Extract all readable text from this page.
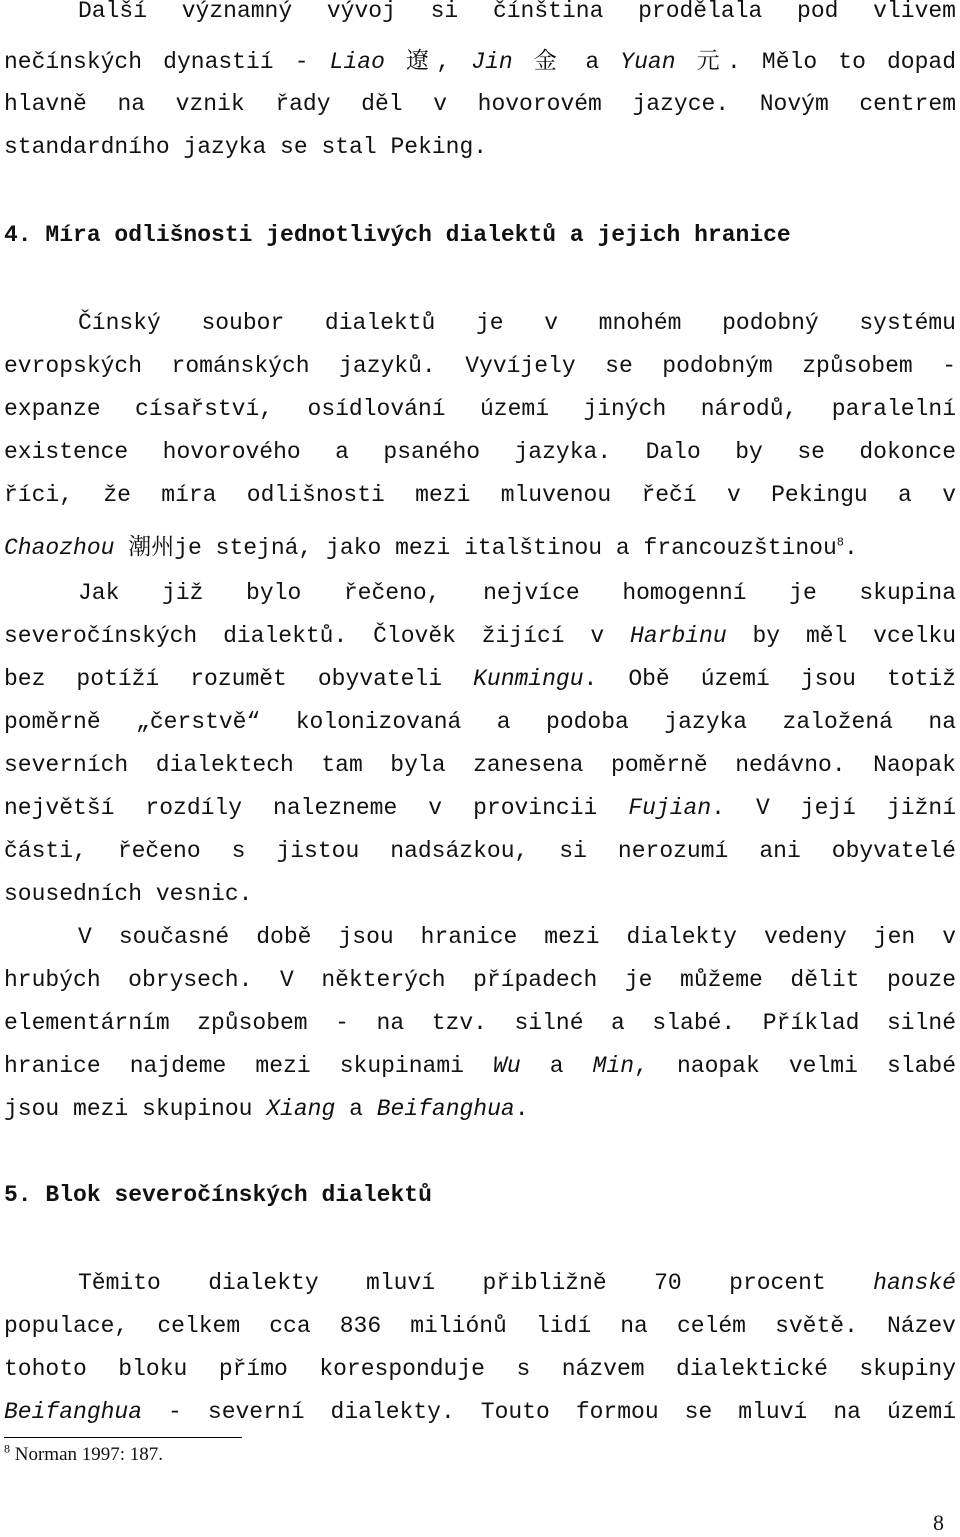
Další významný vývoj si čínština prodělala pod vlivem
nečínských dynastií - Liao 遼, Jin 金 a Yuan 元. Mělo to dopad
hlavně na vznik řady děl v hovorovém jazyce. Novým centrem
standardního jazyka se stal Peking.
4. Míra odlišnosti jednotlivých dialektů a jejich hranice
Čínský soubor dialektů je v mnohém podobný systému
evropských románských jazyků. Vyvíjely se podobným způsobem -
expanze císařství, osídlování území jiných národů, paralelní
existence hovorového a psaného jazyka. Dalo by se dokonce
říci, že míra odlišnosti mezi mluvenou řečí v Pekingu a v
Chaozhou 潮州je stejná, jako mezi italštinou a francouzštinou$^8$.
Jak již bylo řečeno, nejvíce homogenní je skupina
severočínských dialektů. Člověk žijící v Harbinu by měl vcelku
bez potíží rozumět obyvateli Kunmingu. Obě území jsou totiž
poměrně „čerstvě“ kolonizovaná a podoba jazyka založená na
severních dialektech tam byla zanesena poměrně nedávno. Naopak
největší rozdíly nalezneme v provincii Fujian. V její jižní
části, řečeno s jistou nadsázkou, si nerozumí ani obyvatelé
sousedních vesnic.
V současné době jsou hranice mezi dialekty vedeny jen v
hrubých obrysech. V některých případech je můžeme dělit pouze
elementárním způsobem - na tzv. silné a slabé. Příklad silné
hranice najdeme mezi skupinami Wu a Min, naopak velmi slabé
jsou mezi skupinou Xiang a Beifanghua.
5. Blok severočínských dialektů
Těmito dialekty mluví přibližně 70 procent hanské
populace, celkem cca 836 miliónů lidí na celém světě. Název
tohoto bloku přímo koresponduje s názvem dialektické skupiny
Beifanghua - severní dialekty. Touto formou se mluví na území
$^8$ Norman 1997: 187.
8
